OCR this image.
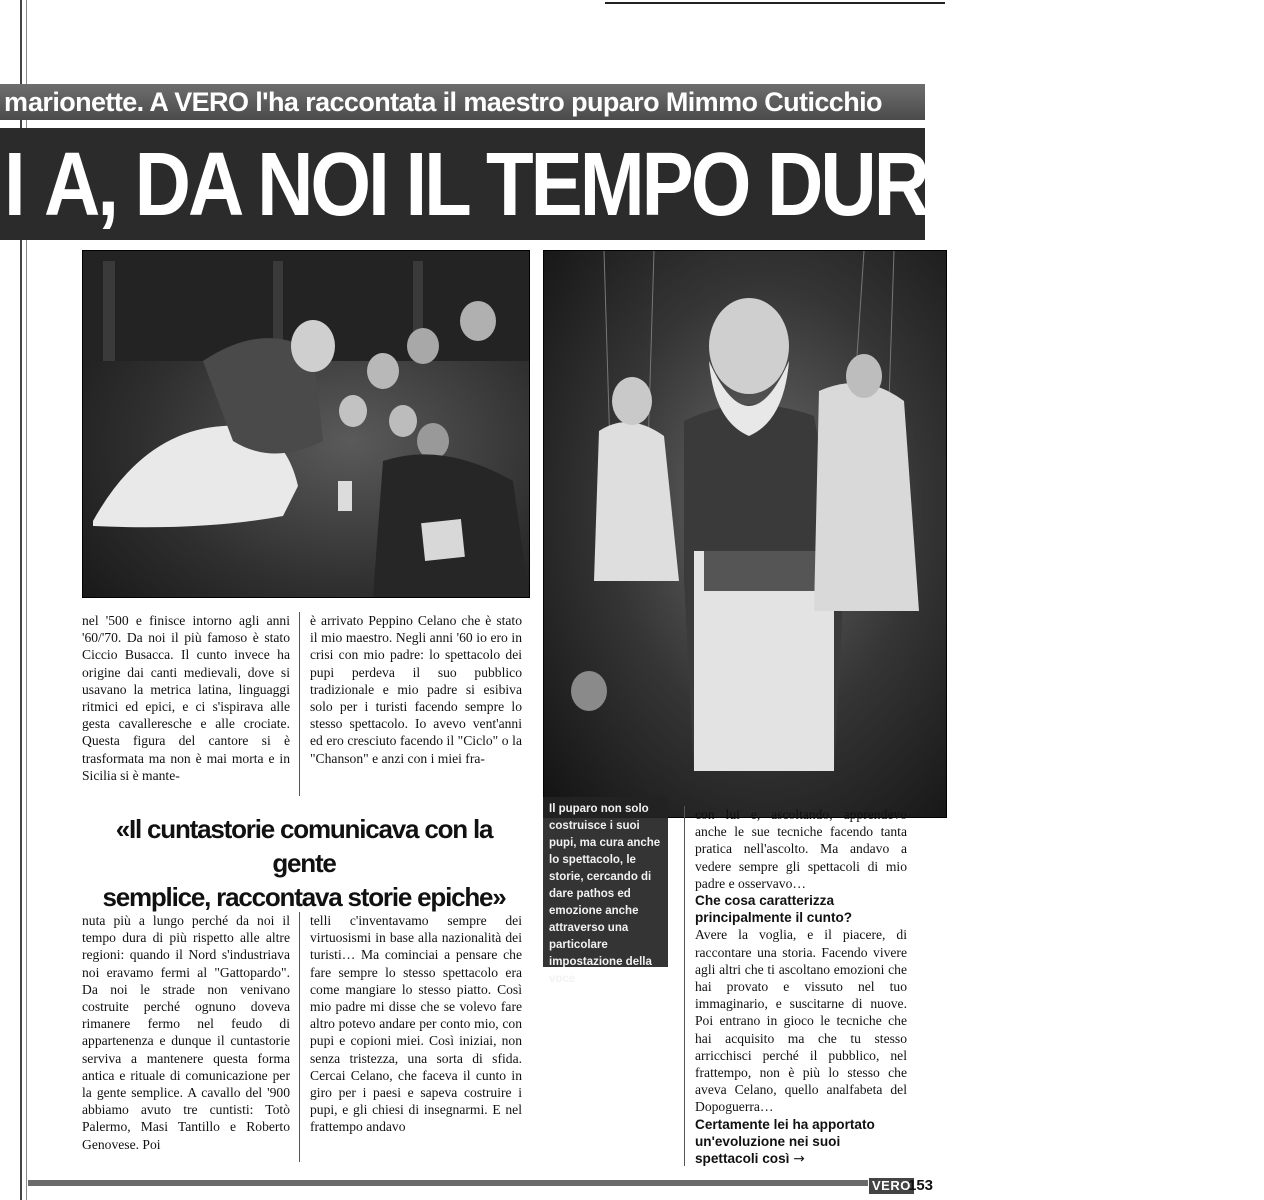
marionette. A VERO l'ha raccontata il maestro puparo Mimmo Cuticchio
I A, DA NOI IL TEMPO DURA DI PIU'»
Il puparo non solo costruisce i suoi pupi, ma cura anche lo spettacolo, le storie, cercando di dare pathos ed emozione anche attraverso una particolare impostazione della voce
nel '500 e finisce intorno agli anni '60/'70. Da noi il più famoso è stato Ciccio Busacca. Il cunto invece ha origine dai canti medievali, dove si usavano la metrica latina, linguaggi ritmici ed epici, e ci s'ispirava alle gesta cavalleresche e alle crociate. Questa figura del cantore si è trasformata ma non è mai morta e in Sicilia si è mante-
è arrivato Peppino Celano che è stato il mio maestro. Negli anni '60 io ero in crisi con mio padre: lo spettacolo dei pupi perdeva il suo pubblico tradizionale e mio padre si esibiva solo per i turisti facendo sempre lo stesso spettacolo. Io avevo vent'anni ed ero cresciuto facendo il "Ciclo" o la "Chanson" e anzi con i miei fra-
«Il cuntastorie comunicava con la gente
semplice, raccontava storie epiche»
nuta più a lungo perché da noi il tempo dura di più rispetto alle altre regioni: quando il Nord s'industriava noi eravamo fermi al "Gattopardo". Da noi le strade non venivano costruite perché ognuno doveva rimanere fermo nel feudo di appartenenza e dunque il cuntastorie serviva a mantenere questa forma antica e rituale di comunicazione per la gente semplice. A cavallo del '900 abbiamo avuto tre cuntisti: Totò Palermo, Masi Tantillo e Roberto Genovese. Poi
telli c'inventavamo sempre dei virtuosismi in base alla nazionalità dei turisti… Ma cominciai a pensare che fare sempre lo stesso spettacolo era come mangiare lo stesso piatto. Così mio padre mi disse che se volevo fare altro potevo andare per conto mio, con pupi e copioni miei. Così iniziai, non senza tristezza, una sorta di sfida. Cercai Celano, che faceva il cunto in giro per i paesi e sapeva costruire i pupi, e gli chiesi di insegnarmi. E nel frattempo andavo

con lui e, ascoltando, apprendevo anche le sue tecniche facendo tanta pratica nell'ascolto. Ma andavo a vedere sempre gli spettacoli di mio padre e osservavo…

Che cosa caratterizza principalmente il cunto?

Avere la voglia, e il piacere, di raccontare una storia. Facendo vivere agli altri che ti ascoltano emozioni che hai provato e vissuto nel tuo immaginario, e suscitarne di nuove. Poi entrano in gioco le tecniche che hai acquisito ma che tu stesso arricchisci perché il pubblico, nel frattempo, non è più lo stesso che aveva Celano, quello analfabeta del Dopoguerra…

Certamente lei ha apportato un'evoluzione nei suoi spettacoli così →

VERO
153
